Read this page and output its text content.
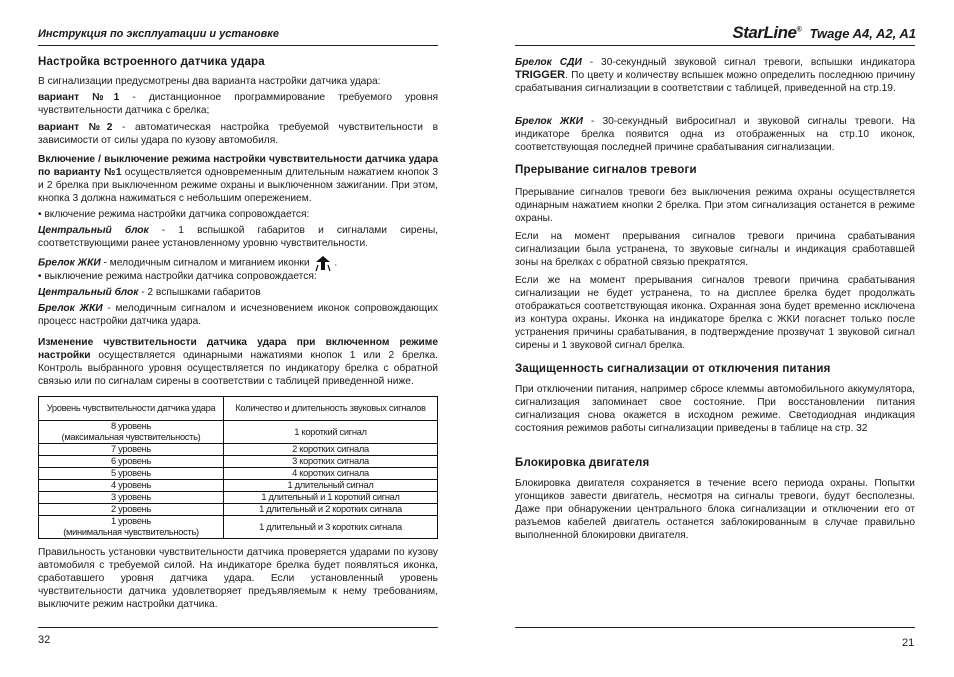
Инструкция по эксплуатации и установке	StarLine® Twage A4, A2, A1
Настройка встроенного датчика удара

В сигнализации предусмотрены два варианта настройки датчика удара:

вариант №1 - дистанционное программирование требуемого уровня чувствительности датчика с брелка;

вариант №2 - автоматическая настройка требуемой чувствительности в зависимости от силы удара по кузову автомобиля.

Включение / выключение режима настройки чувствительности датчика удара по варианту №1 осуществляется одновременным длительным нажатием кнопок 3 и 2 брелка при выключенном режиме охраны и выключенном зажигании. При этом, кнопка 3 должна нажиматься с небольшим опережением.

• включение режима настройки датчика сопровождается:

Центральный блок - 1 вспышкой габаритов и сигналами сирены, соответствующими ранее установленному уровню чувствительности.

Брелок ЖКИ - мелодичным сигналом и миганием иконки .

• выключение режима настройки датчика сопровождается:

Центральный блок - 2 вспышками габаритов

Брелок ЖКИ - мелодичным сигналом и исчезновением иконок сопровождающих процесс настройки датчика удара.

Изменение чувствительности датчика удара при включенном режиме настройки осуществляется одинарными нажатиями кнопок 1 или 2 брелка. Контроль выбранного уровня осуществляется по индикатору брелка с обратной связью или по сигналам сирены в соответствии с таблицей приведенной ниже.

Уровень чувствительности датчика удара	Количество и длительность звуковых сигналов
8 уровень
(максимальная чувствительность)	1 короткий сигнал
7 уровень	2 коротких сигнала
6 уровень	3 коротких сигнала
5 уровень	4 коротких сигнала
4 уровень	1 длительный сигнал
3 уровень	1 длительный и 1 короткий сигнал
2 уровень	1 длительный и 2 коротких сигнала
1 уровень
(минимальная чувствительность)	1 длительный и 3 коротких сигнала

Правильность установки чувствительности датчика проверяется ударами по кузову автомобиля с требуемой силой. На индикаторе брелка будет появляться иконка, сработавшего уровня датчика удара. Если установленный уровень чувствительности датчика удовлетворяет предъявляемым к нему требованиям, выключите режим настройки датчика.

32

Брелок СДИ - 30-секундный звуковой сигнал тревоги, вспышки индикатора TRIGGER. По цвету и количеству вспышек можно определить последнюю причину срабатывания сигнализации в соответствии с таблицей, приведенной на стр.19.

Брелок ЖКИ - 30-секундный вибросигнал и звуковой сигналы тревоги. На индикаторе брелка появится одна из отображенных на стр.10 иконок, соответствующая последней причине срабатывания сигнализации.

Прерывание сигналов тревоги

Прерывание сигналов тревоги без выключения режима охраны осуществляется одинарным нажатием кнопки 2 брелка. При этом сигнализация останется в режиме охраны.

Если на момент прерывания сигналов тревоги причина срабатывания сигнализации была устранена, то звуковые сигналы и индикация сработавшей зоны на брелках с обратной связью прекратятся.

Если же на момент прерывания сигналов тревоги причина срабатывания сигнализации не будет устранена, то на дисплее брелка будет продолжать отображаться соответствующая иконка. Охранная зона будет временно исключена из контура охраны. Иконка на индикаторе брелка с ЖКИ погаснет только после устранения причины срабатывания, в подтверждение прозвучат 1 звуковой сигнал сирены и 1 звуковой сигнал брелка.

Защищенность сигнализации от отключения питания

При отключении питания, например сбросе клеммы автомобильного аккумулятора, сигнализация запоминает свое состояние. При восстановлении питания сигнализация снова окажется в исходном режиме. Светодиодная индикация состояния режимов работы сигнализации приведены в таблице на стр. 32

Блокировка двигателя

Блокировка двигателя сохраняется в течение всего периода охраны. Попытки угонщиков завести двигатель, несмотря на сигналы тревоги, будут бесполезны. Даже при обнаружении центрального блока сигнализации и отключении его от разъемов кабелей двигатель останется заблокированным в случае правильно выполненной блокировки двигателя.

21
